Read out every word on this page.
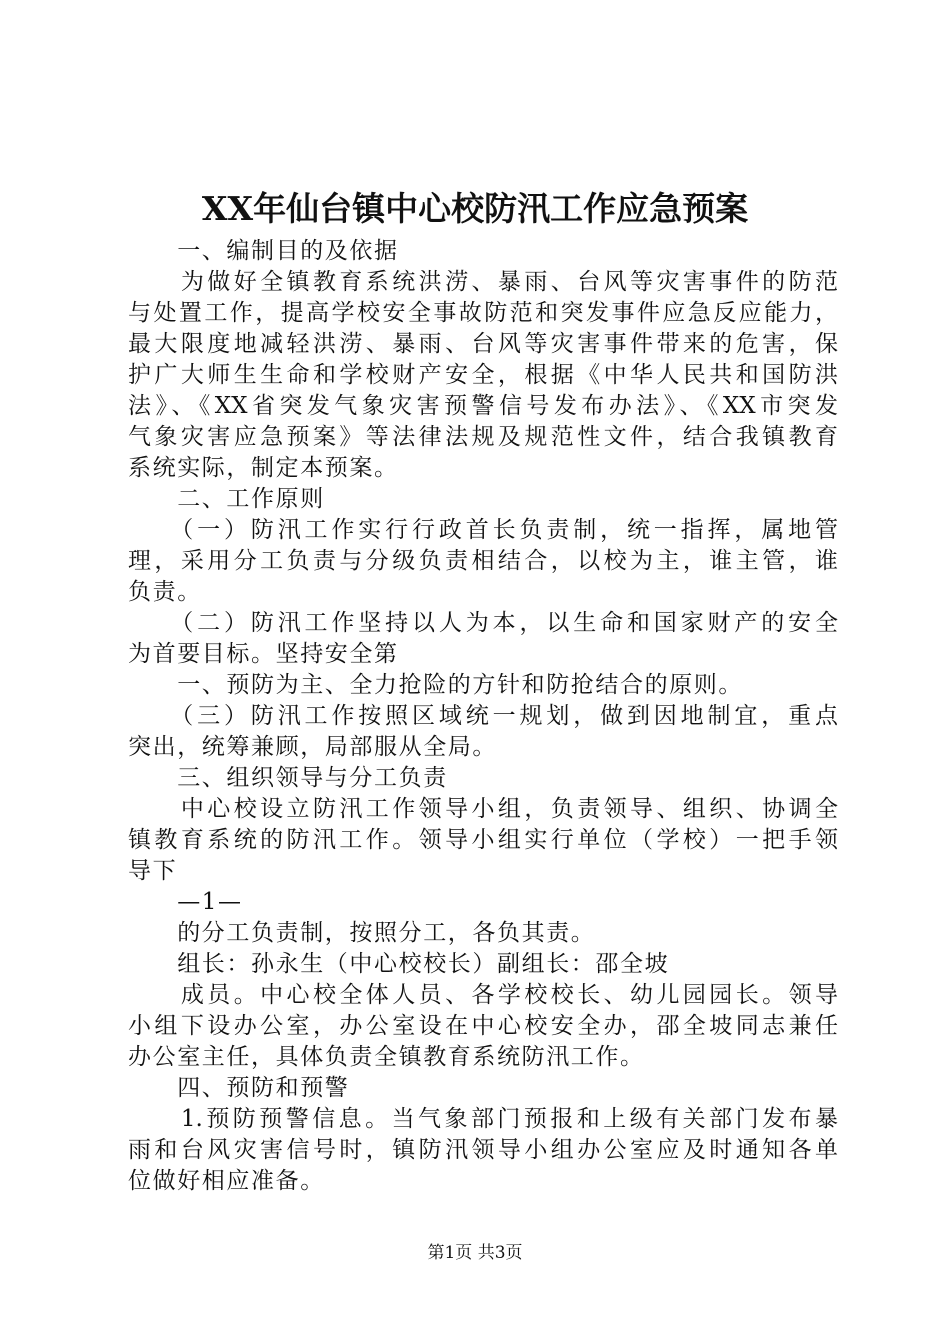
XX年仙台镇中心校防汛工作应急预案
　　一、编制目的及依据
　　为做好全镇教育系统洪涝、暴雨、台风等灾害事件的防范
与处置工作，提高学校安全事故防范和突发事件应急反应能力，
最大限度地减轻洪涝、暴雨、台风等灾害事件带来的危害，保
护广大师生生命和学校财产安全，根据《中华人民共和国防洪
法》、《XX省突发气象灾害预警信号发布办法》、《XX市突发
气象灾害应急预案》等法律法规及规范性文件，结合我镇教育
系统实际，制定本预案。
　　二、工作原则
　　（一）防汛工作实行行政首长负责制，统一指挥，属地管
理，采用分工负责与分级负责相结合，以校为主，谁主管，谁
负责。
　　（二）防汛工作坚持以人为本，以生命和国家财产的安全
为首要目标。坚持安全第
　　一、预防为主、全力抢险的方针和防抢结合的原则。
　　（三）防汛工作按照区域统一规划，做到因地制宜，重点
突出，统筹兼顾，局部服从全局。
　　三、组织领导与分工负责
　　中心校设立防汛工作领导小组，负责领导、组织、协调全
镇教育系统的防汛工作。领导小组实行单位（学校）一把手领
导下
　　—1—
　　的分工负责制，按照分工，各负其责。
　　组长：孙永生（中心校校长）副组长：邵全坡
　　成员。中心校全体人员、各学校校长、幼儿园园长。领导
小组下设办公室，办公室设在中心校安全办，邵全坡同志兼任
办公室主任，具体负责全镇教育系统防汛工作。
　　四、预防和预警
　　1.预防预警信息。当气象部门预报和上级有关部门发布暴
雨和台风灾害信号时，镇防汛领导小组办公室应及时通知各单
位做好相应准备。
第1页 共3页
